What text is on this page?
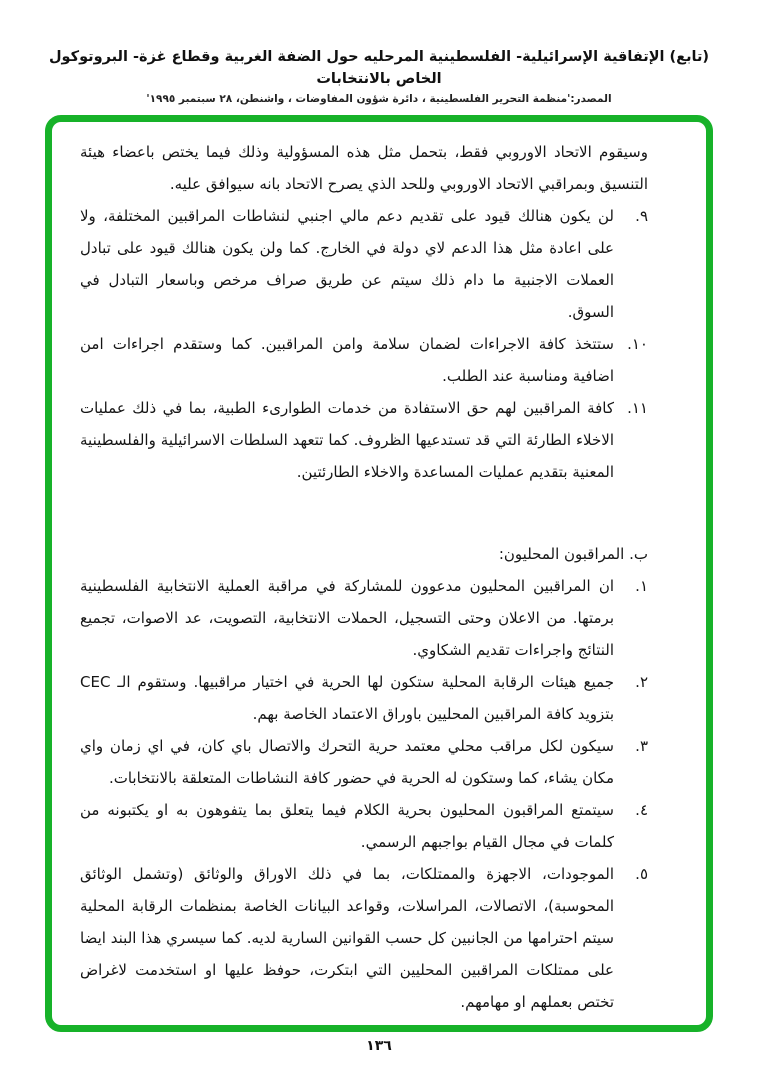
(تابع) الإتفاقية الإسرائيلية- الفلسطينية المرحليه حول الضفة الغربية وقطاع غزة- البروتوكول الخاص بالانتخابات
المصدر:'منظمة التحرير الفلسطينية ، دائرة شؤون المفاوضات ، واشنطن، ٢٨ سبتمبر ١٩٩٥'

وسيقوم الاتحاد الاوروبي فقط، بتحمل مثل هذه المسؤولية وذلك فيما يختص باعضاء هيئة التنسيق وبمراقبي الاتحاد الاوروبي وللحد الذي يصرح الاتحاد بانه سيوافق عليه.

٩.
لن يكون هنالك قيود على تقديم دعم مالي اجنبي لنشاطات المراقبين المختلفة، ولا على اعادة مثل هذا الدعم لاي دولة في الخارج. كما ولن يكون هنالك قيود على تبادل العملات الاجنبية ما دام ذلك سيتم عن طريق صراف مرخص وباسعار التبادل في السوق.
١٠.
ستتخذ كافة الاجراءات لضمان سلامة وامن المراقبين. كما وستقدم اجراءات امن اضافية ومناسبة عند الطلب.
١١.
كافة المراقبين لهم حق الاستفادة من خدمات الطوارىء الطبية، بما في ذلك عمليات الاخلاء الطارئة التي قد تستدعيها الظروف. كما تتعهد السلطات الاسرائيلية والفلسطينية المعنية بتقديم عمليات المساعدة والاخلاء الطارئتين.
ب. المراقبون المحليون:
١.
ان المراقبين المحليون مدعوون للمشاركة في مراقبة العملية الانتخابية الفلسطينية برمتها. من الاعلان وحتى التسجيل، الحملات الانتخابية، التصويت، عد الاصوات، تجميع النتائج واجراءات تقديم الشكاوي.
٢.
جميع هيئات الرقابة المحلية ستكون لها الحرية في اختيار مراقبيها. وستقوم الـ CEC بتزويد كافة المراقبين المحليين باوراق الاعتماد الخاصة بهم.
٣.
سيكون لكل مراقب محلي معتمد حرية التحرك والاتصال باي كان، في اي زمان واي مكان يشاء، كما وستكون له الحرية في حضور كافة النشاطات المتعلقة بالانتخابات.
٤.
سيتمتع المراقبون المحليون بحرية الكلام فيما يتعلق بما يتفوهون به او يكتبونه من كلمات في مجال القيام بواجبهم الرسمي.
٥.
الموجودات، الاجهزة والممتلكات، بما في ذلك الاوراق والوثائق (وتشمل الوثائق المحوسبة)، الاتصالات، المراسلات، وقواعد البيانات الخاصة بمنظمات الرقابة المحلية سيتم احترامها من الجانبين كل حسب القوانين السارية لديه. كما سيسري هذا البند ايضا على ممتلكات المراقبين المحليين التي ابتكرت، حوفظ عليها او استخدمت لاغراض تختص بعملهم او مهامهم.
١٣٦
